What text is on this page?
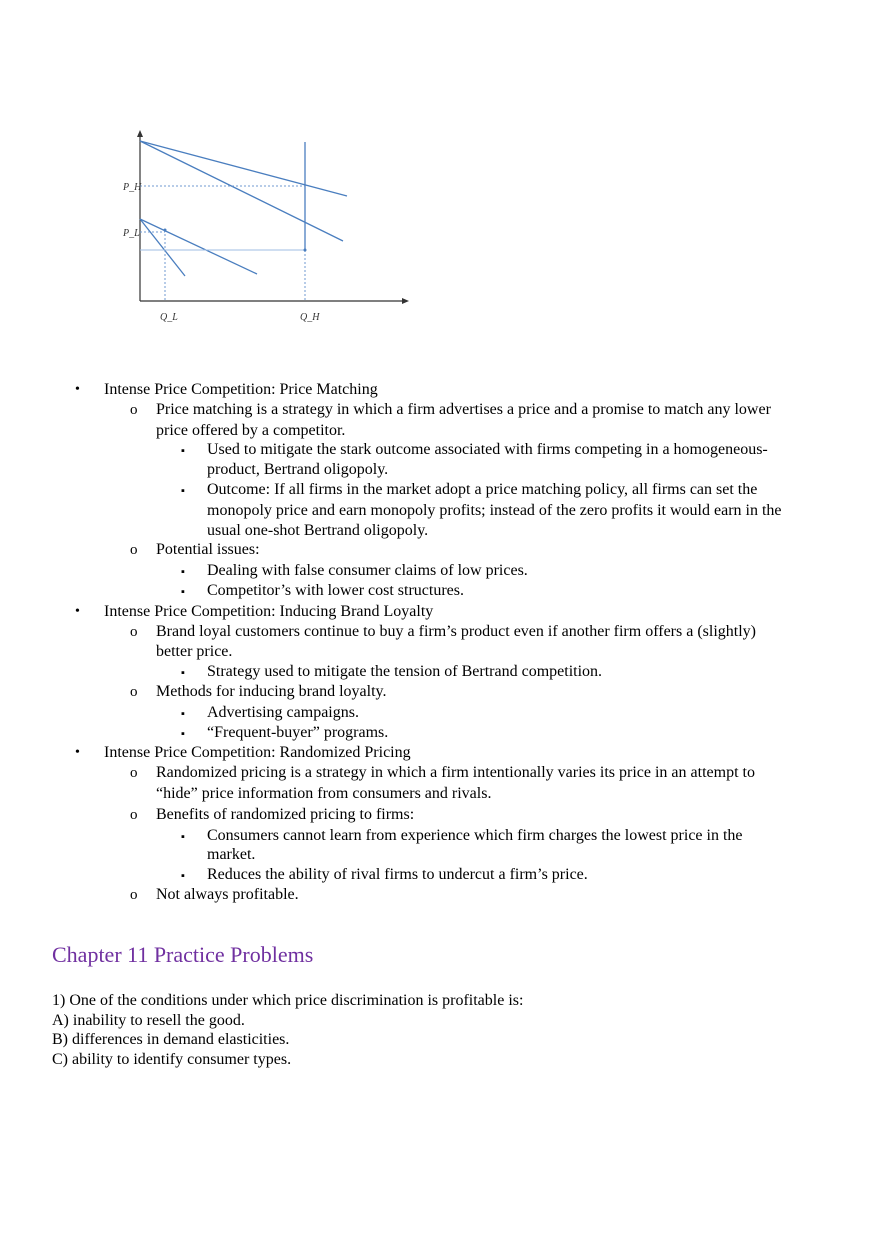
P_H
P_L
Q_L	Q_H
• Intense Price Competition: Price Matching
o Price matching is a strategy in which a firm advertises a price and a promise to match any lower
price offered by a competitor.
▪ Used to mitigate the stark outcome associated with firms competing in a homogeneous-
product, Bertrand oligopoly.
▪ Outcome: If all firms in the market adopt a price matching policy, all firms can set the
monopoly price and earn monopoly profits; instead of the zero profits it would earn in the
usual one-shot Bertrand oligopoly.
o Potential issues:
▪ Dealing with false consumer claims of low prices.
▪ Competitor’s with lower cost structures.
• Intense Price Competition: Inducing Brand Loyalty
o Brand loyal customers continue to buy a firm’s product even if another firm offers a (slightly)
better price.
▪ Strategy used to mitigate the tension of Bertrand competition.
o Methods for inducing brand loyalty.
▪ Advertising campaigns.
▪ “Frequent-buyer” programs.
• Intense Price Competition: Randomized Pricing
o Randomized pricing is a strategy in which a firm intentionally varies its price in an attempt to
“hide” price information from consumers and rivals.
o Benefits of randomized pricing to firms:
▪ Consumers cannot learn from experience which firm charges the lowest price in the
market.
▪ Reduces the ability of rival firms to undercut a firm’s price.
o Not always profitable.
Chapter 11 Practice Problems
1) One of the conditions under which price discrimination is profitable is:
A) inability to resell the good.
B) differences in demand elasticities.
C) ability to identify consumer types.
